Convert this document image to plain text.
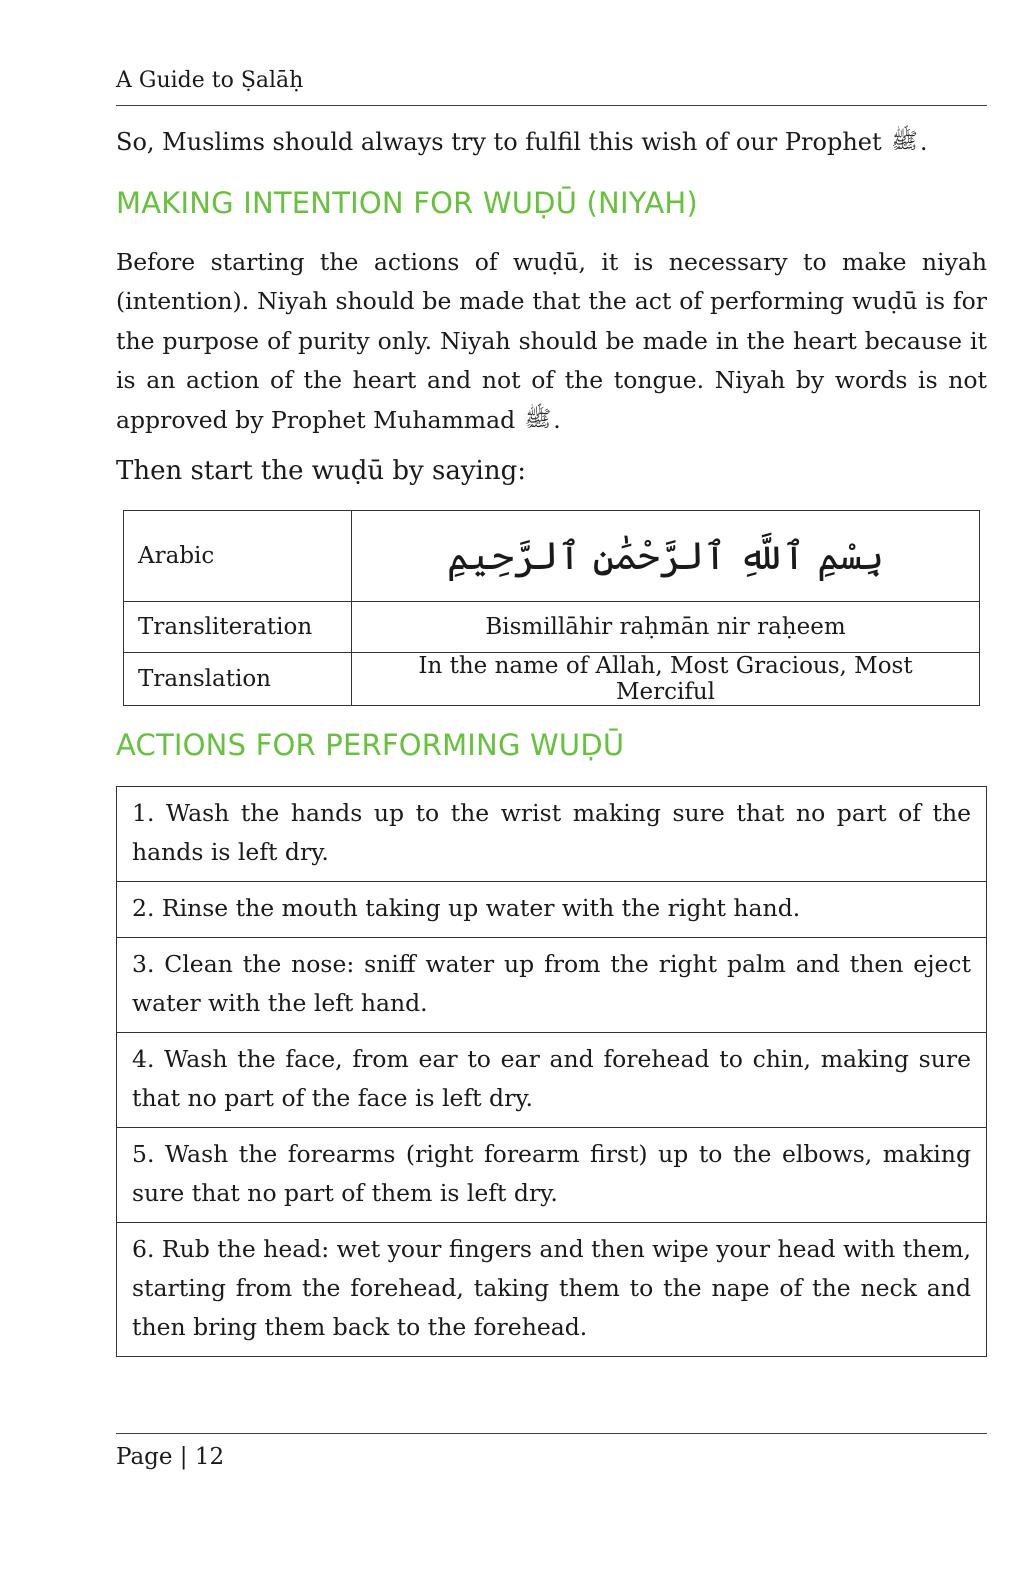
A Guide to Ṣalāḥ

So, Muslims should always try to fulfil this wish of our Prophet ﷺ.

MAKING INTENTION FOR WUḌŪ (NIYAH)

Before starting the actions of wuḍū, it is necessary to make niyah (intention). Niyah should be made that the act of performing wuḍū is for the purpose of purity only. Niyah should be made in the heart because it is an action of the heart and not of the tongue. Niyah by words is not approved by Prophet Muhammad ﷺ.

Then start the wuḍū by saying:

Arabic	بِسْمِ ٱللَّهِ ٱلرَّحْمَٰنِ ٱلرَّحِيمِ
Transliteration	Bismillāhir raḥmān nir raḥeem
Translation	In the name of Allah, Most Gracious, Most Merciful
ACTIONS FOR PERFORMING WUḌŪ
1. Wash the hands up to the wrist making sure that no part of the hands is left dry.
2. Rinse the mouth taking up water with the right hand.
3. Clean the nose: sniff water up from the right palm and then eject water with the left hand.
4. Wash the face, from ear to ear and forehead to chin, making sure that no part of the face is left dry.
5. Wash the forearms (right forearm first) up to the elbows, making sure that no part of them is left dry.
6. Rub the head: wet your fingers and then wipe your head with them, starting from the forehead, taking them to the nape of the neck and then bring them back to the forehead.
Page | 12
